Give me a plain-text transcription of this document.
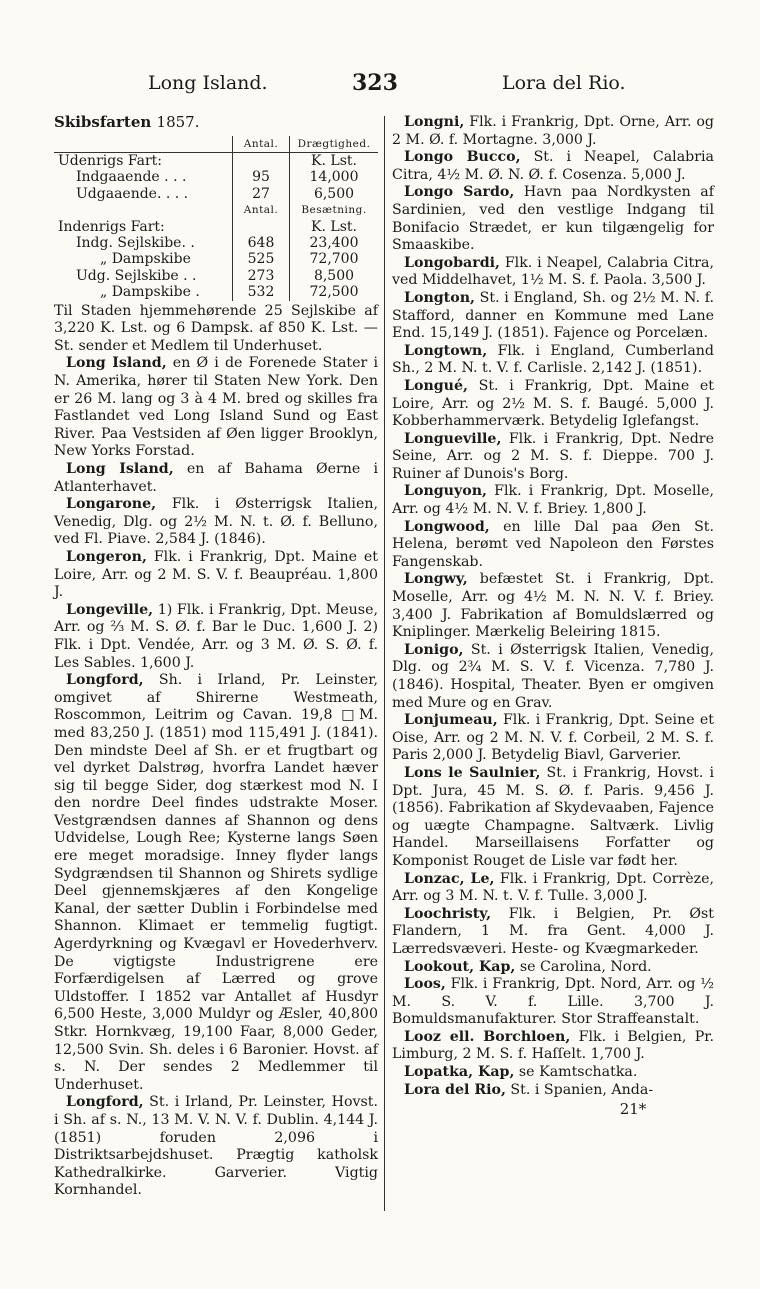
Long Island.	323	Lora del Rio.
Skibsfarten 1857.
	Antal.	Drægtighed.
Udenrigs Fart:		K. Lst.
Indgaaende . . .	95	14,000
Udgaaende. . . .	27	6,500
	Antal.	Besætning.
Indenrigs Fart:		K. Lst.
Indg. Sejlskibe. .	648	23,400
„ Dampskibe	525	72,700
Udg. Sejlskibe . .	273	8,500
„ Dampskibe .	532	72,500
Til Staden hjemmehørende 25 Sejlskibe af 3,220 K. Lst. og 6 Dampsk. af 850 K. Lst. — St. sender et Medlem til Underhuset.
Long Island, en Ø i de Forenede Stater i N. Amerika, hører til Staten New York. Den er 26 M. lang og 3 à 4 M. bred og skilles fra Fastlandet ved Long Island Sund og East River. Paa Vestsiden af Øen ligger Brooklyn, New Yorks Forstad.
Long Island, en af Bahama Øerne i Atlanterhavet.
Longarone, Flk. i Østerrigsk Italien, Venedig, Dlg. og 2½ M. N. t. Ø. f. Belluno, ved Fl. Piave. 2,584 J. (1846).
Longeron, Flk. i Frankrig, Dpt. Maine et Loire, Arr. og 2 M. S. V. f. Beaupréau. 1,800 J.
Longeville, 1) Flk. i Frankrig, Dpt. Meuse, Arr. og ⅔ M. S. Ø. f. Bar le Duc. 1,600 J. 2) Flk. i Dpt. Vendée, Arr. og 3 M. Ø. S. Ø. f. Les Sables. 1,600 J.
Longford, Sh. i Irland, Pr. Leinster, omgivet af Shirerne Westmeath, Roscommon, Leitrim og Cavan. 19,8 □M. med 83,250 J. (1851) mod 115,491 J. (1841). Den mindste Deel af Sh. er et frugtbart og vel dyrket Dalstrøg, hvorfra Landet hæver sig til begge Sider, dog stærkest mod N. I den nordre Deel findes udstrakte Moser. Vestgrændsen dannes af Shannon og dens Udvidelse, Lough Ree; Kysterne langs Søen ere meget moradsige. Inney flyder langs Sydgrændsen til Shannon og Shirets sydlige Deel gjennemskjæres af den Kongelige Kanal, der sætter Dublin i Forbindelse med Shannon. Klimaet er temmelig fugtigt. Agerdyrkning og Kvægavl er Hovederhverv. De vigtigste Industrigrene ere Forfærdigelsen af Lærred og grove Uldstoffer. I 1852 var Antallet af Husdyr 6,500 Heste, 3,000 Muldyr og Æsler, 40,800 Stkr. Hornkvæg, 19,100 Faar, 8,000 Geder, 12,500 Svin. Sh. deles i 6 Baronier. Hovst. af s. N. Der sendes 2 Medlemmer til Underhuset.
Longford, St. i Irland, Pr. Leinster, Hovst. i Sh. af s. N., 13 M. V. N. V. f. Dublin. 4,144 J. (1851) foruden 2,096 i Distriktsarbejdshuset. Prægtig katholsk Kathedralkirke. Garverier. Vigtig Kornhandel.
Longni, Flk. i Frankrig, Dpt. Orne, Arr. og 2 M. Ø. f. Mortagne. 3,000 J.
Longo Bucco, St. i Neapel, Calabria Citra, 4½ M. Ø. N. Ø. f. Cosenza. 5,000 J.
Longo Sardo, Havn paa Nordkysten af Sardinien, ved den vestlige Indgang til Bonifacio Strædet, er kun tilgængelig for Smaaskibe.
Longobardi, Flk. i Neapel, Calabria Citra, ved Middelhavet, 1½ M. S. f. Paola. 3,500 J.
Longton, St. i England, Sh. og 2½ M. N. f. Stafford, danner en Kommune med Lane End. 15,149 J. (1851). Fajence og Porcelæn.
Longtown, Flk. i England, Cumberland Sh., 2 M. N. t. V. f. Carlisle. 2,142 J. (1851).
Longué, St. i Frankrig, Dpt. Maine et Loire, Arr. og 2½ M. S. f. Baugé. 5,000 J. Kobberhammerværk. Betydelig Iglefangst.
Longueville, Flk. i Frankrig, Dpt. Nedre Seine, Arr. og 2 M. S. f. Dieppe. 700 J. Ruiner af Dunois's Borg.
Longuyon, Flk. i Frankrig, Dpt. Moselle, Arr. og 4½ M. N. V. f. Briey. 1,800 J.
Longwood, en lille Dal paa Øen St. Helena, berømt ved Napoleon den Førstes Fangenskab.
Longwy, befæstet St. i Frankrig, Dpt. Moselle, Arr. og 4½ M. N. N. V. f. Briey. 3,400 J. Fabrikation af Bomuldslærred og Kniplinger. Mærkelig Beleiring 1815.
Lonigo, St. i Østerrigsk Italien, Venedig, Dlg. og 2¾ M. S. V. f. Vicenza. 7,780 J. (1846). Hospital, Theater. Byen er omgiven med Mure og en Grav.
Lonjumeau, Flk. i Frankrig, Dpt. Seine et Oise, Arr. og 2 M. N. V. f. Corbeil, 2 M. S. f. Paris 2,000 J. Betydelig Biavl, Garverier.
Lons le Saulnier, St. i Frankrig, Hovst. i Dpt. Jura, 45 M. S. Ø. f. Paris. 9,456 J. (1856). Fabrikation af Skydevaaben, Fajence og uægte Champagne. Saltværk. Livlig Handel. Marseillaisens Forfatter og Komponist Rouget de Lisle var født her.
Lonzac, Le, Flk. i Frankrig, Dpt. Corrèze, Arr. og 3 M. N. t. V. f. Tulle. 3,000 J.
Loochristy, Flk. i Belgien, Pr. Øst Flandern, 1 M. fra Gent. 4,000 J. Lærredsvæveri. Heste- og Kvægmarkeder.
Lookout, Kap, se Carolina, Nord.
Loos, Flk. i Frankrig, Dpt. Nord, Arr. og ½ M. S. V. f. Lille. 3,700 J. Bomuldsmanufakturer. Stor Straffeanstalt.
Looz ell. Borchloen, Flk. i Belgien, Pr. Limburg, 2 M. S. f. Haſſelt. 1,700 J.
Lopatka, Kap, se Kamtschatka.
Lora del Rio, St. i Spanien, Anda-
21*
